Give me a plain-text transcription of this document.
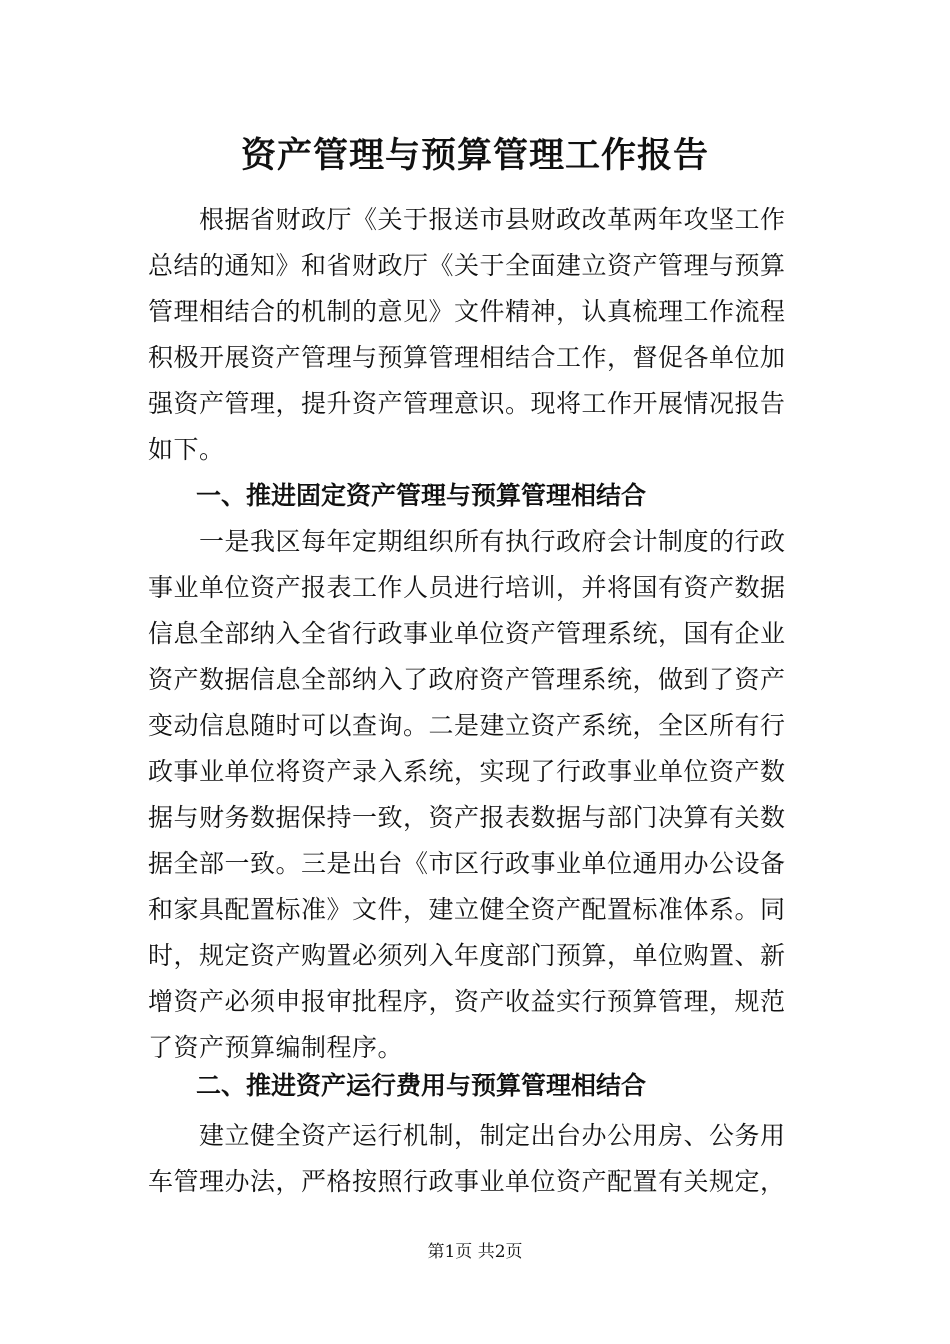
资产管理与预算管理工作报告
　　根据省财政厅《关于报送市县财政改革两年攻坚工作
总结的通知》和省财政厅《关于全面建立资产管理与预算
管理相结合的机制的意见》文件精神，认真梳理工作流程
积极开展资产管理与预算管理相结合工作，督促各单位加
强资产管理，提升资产管理意识。现将工作开展情况报告
如下。
一、推进固定资产管理与预算管理相结合
　　一是我区每年定期组织所有执行政府会计制度的行政
事业单位资产报表工作人员进行培训，并将国有资产数据
信息全部纳入全省行政事业单位资产管理系统，国有企业
资产数据信息全部纳入了政府资产管理系统，做到了资产
变动信息随时可以查询。二是建立资产系统，全区所有行
政事业单位将资产录入系统，实现了行政事业单位资产数
据与财务数据保持一致，资产报表数据与部门决算有关数
据全部一致。三是出台《市区行政事业单位通用办公设备
和家具配置标准》文件，建立健全资产配置标准体系。同
时，规定资产购置必须列入年度部门预算，单位购置、新
增资产必须申报审批程序，资产收益实行预算管理，规范
了资产预算编制程序。
二、推进资产运行费用与预算管理相结合
　　建立健全资产运行机制，制定出台办公用房、公务用
车管理办法，严格按照行政事业单位资产配置有关规定，
第1页 共2页
